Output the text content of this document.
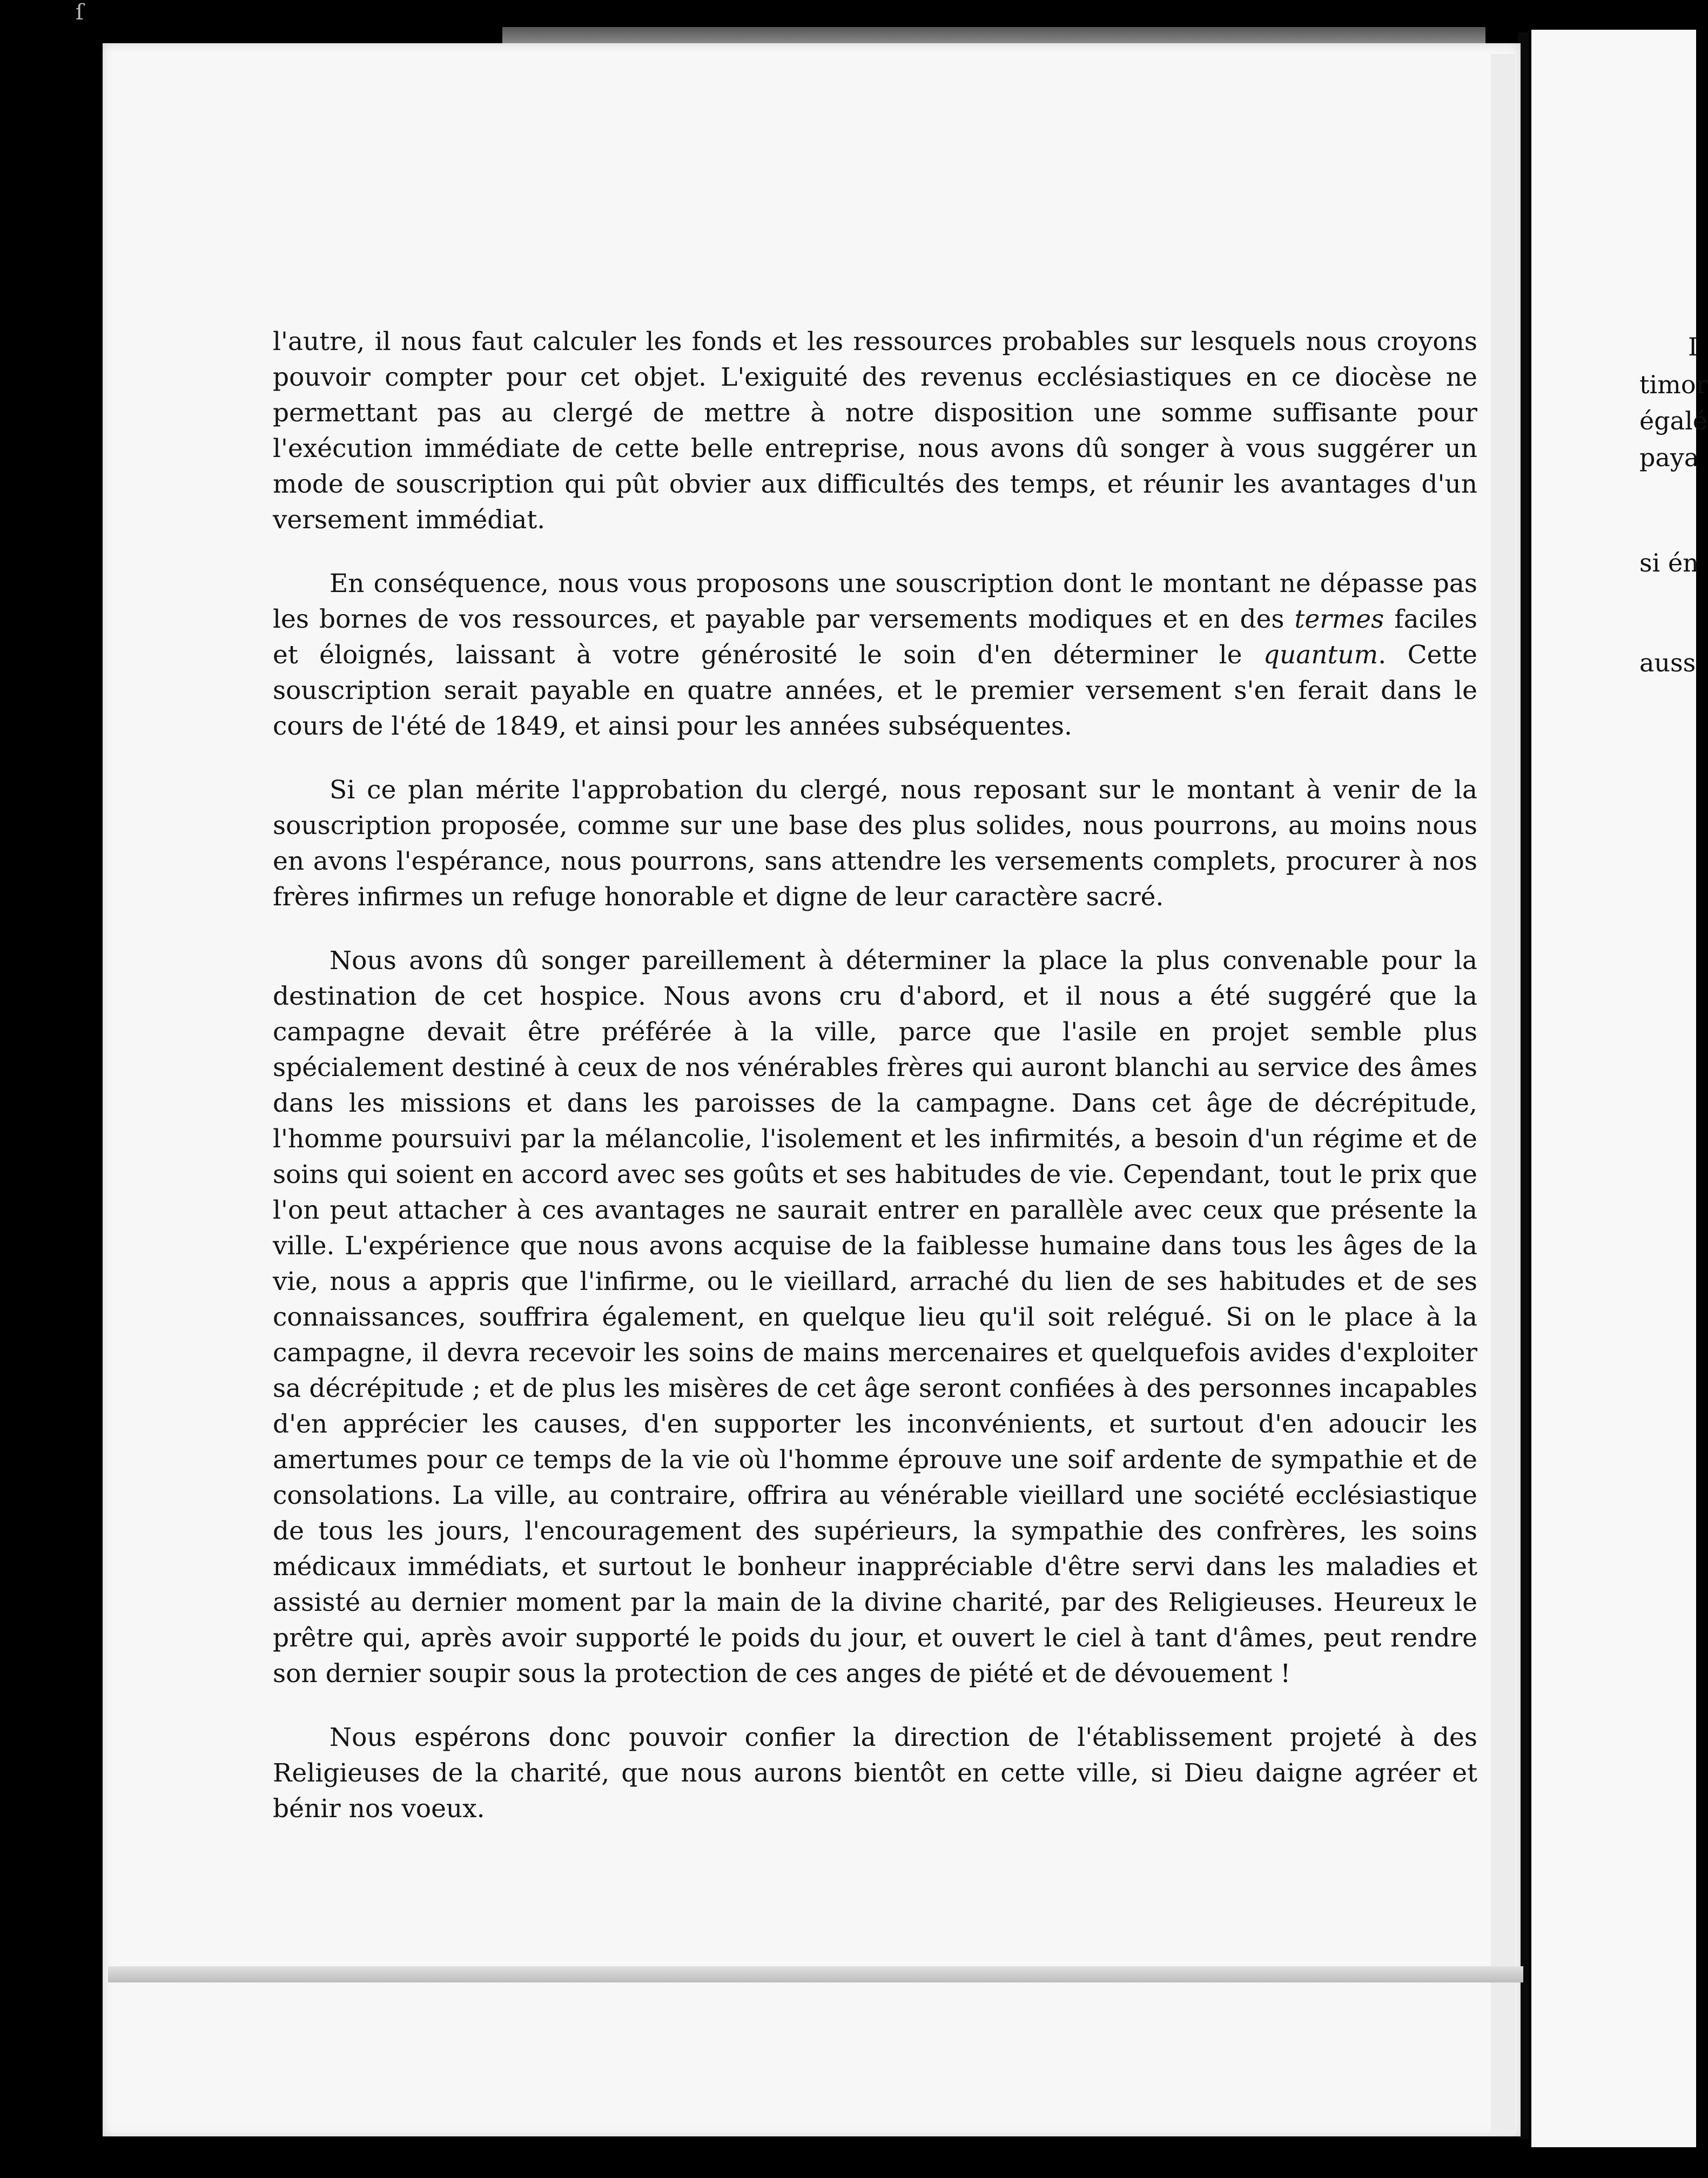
ſ
I
timor
égalé
paya
si én
auss

l'autre, il nous faut calculer les fonds et les ressources probables sur lesquels nous croyons pouvoir compter pour cet objet. L'exiguité des revenus ecclésiastiques en ce diocèse ne permettant pas au clergé de mettre à notre disposition une somme suffisante pour l'exécution immédiate de cette belle entreprise, nous avons dû songer à vous suggérer un mode de souscription qui pût obvier aux difficultés des temps, et réunir les avantages d'un versement immédiat.

En conséquence, nous vous proposons une souscription dont le montant ne dépasse pas les bornes de vos ressources, et payable par versements modiques et en des termes faciles et éloignés, laissant à votre générosité le soin d'en déterminer le quantum. Cette souscription serait payable en quatre années, et le premier versement s'en ferait dans le cours de l'été de 1849, et ainsi pour les années subséquentes.

Si ce plan mérite l'approbation du clergé, nous reposant sur le montant à venir de la souscription proposée, comme sur une base des plus solides, nous pourrons, au moins nous en avons l'espérance, nous pourrons, sans attendre les versements complets, procurer à nos frères infirmes un refuge honorable et digne de leur caractère sacré.

Nous avons dû songer pareillement à déterminer la place la plus convenable pour la destination de cet hospice. Nous avons cru d'abord, et il nous a été suggéré que la campagne devait être préférée à la ville, parce que l'asile en projet semble plus spécialement destiné à ceux de nos vénérables frères qui auront blanchi au service des âmes dans les missions et dans les paroisses de la campagne. Dans cet âge de décrépitude, l'homme poursuivi par la mélancolie, l'isolement et les infirmités, a besoin d'un régime et de soins qui soient en accord avec ses goûts et ses habitudes de vie. Cependant, tout le prix que l'on peut attacher à ces avantages ne saurait entrer en parallèle avec ceux que présente la ville. L'expérience que nous avons acquise de la faiblesse humaine dans tous les âges de la vie, nous a appris que l'infirme, ou le vieillard, arraché du lien de ses habitudes et de ses connaissances, souffrira également, en quelque lieu qu'il soit relégué. Si on le place à la campagne, il devra recevoir les soins de mains mercenaires et quelquefois avides d'exploiter sa décrépitude ; et de plus les misères de cet âge seront confiées à des personnes incapables d'en apprécier les causes, d'en supporter les inconvénients, et surtout d'en adoucir les amertumes pour ce temps de la vie où l'homme éprouve une soif ardente de sympathie et de consolations. La ville, au contraire, offrira au vénérable vieillard une société ecclésiastique de tous les jours, l'encouragement des supérieurs, la sympathie des confrères, les soins médicaux immédiats, et surtout le bonheur inappréciable d'être servi dans les maladies et assisté au dernier moment par la main de la divine charité, par des Religieuses. Heureux le prêtre qui, après avoir supporté le poids du jour, et ouvert le ciel à tant d'âmes, peut rendre son dernier soupir sous la protection de ces anges de piété et de dévouement !

Nous espérons donc pouvoir confier la direction de l'établissement projeté à des Religieuses de la charité, que nous aurons bientôt en cette ville, si Dieu daigne agréer et bénir nos voeux.
